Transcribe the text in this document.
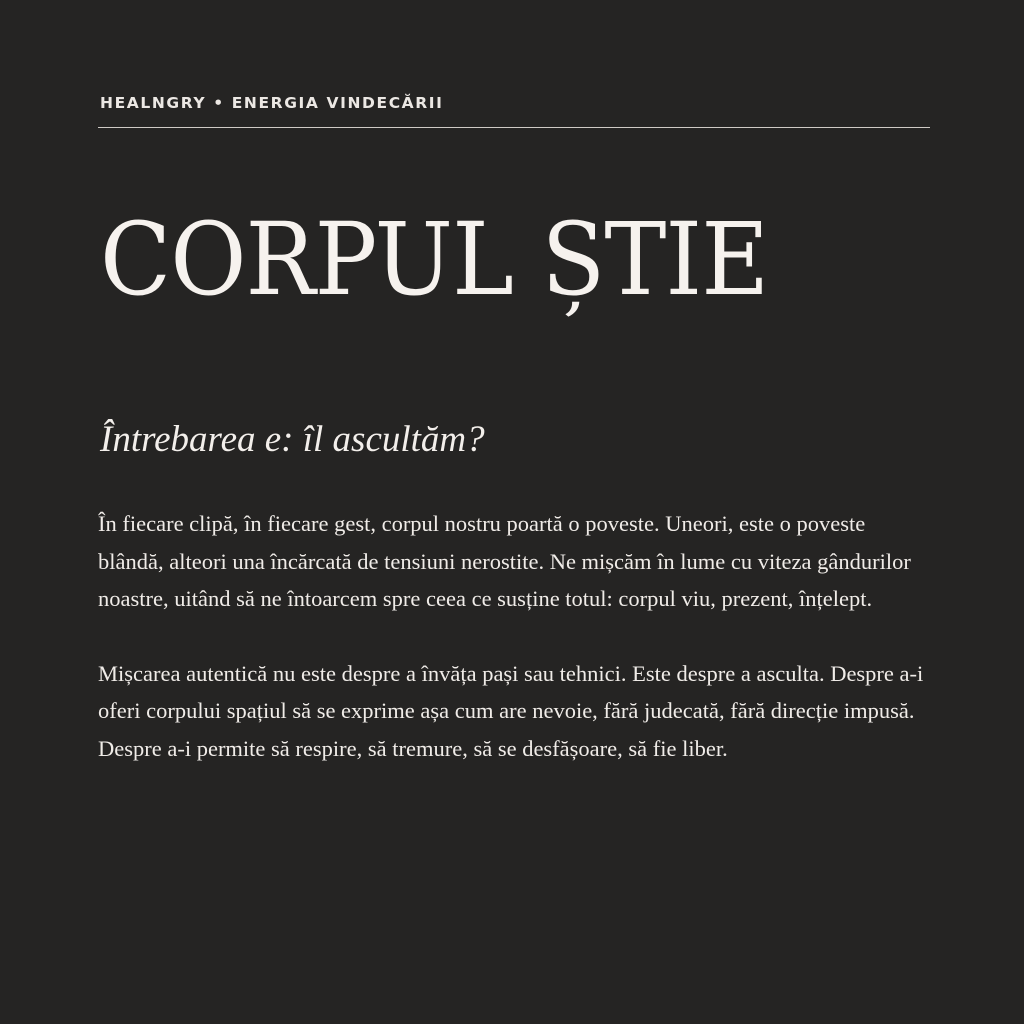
HEALNGRY • ENERGIA VINDECĂRII
CORPUL ȘTIE
Întrebarea e: îl ascultăm?

În fiecare clipă, în fiecare gest, corpul nostru poartă o poveste. Uneori, este o poveste blândă, alteori una încărcată de tensiuni nerostite. Ne mișcăm în lume cu viteza gândurilor noastre, uitând să ne întoarcem spre ceea ce susține totul: corpul viu, prezent, înțelept.

Mișcarea autentică nu este despre a învăța pași sau tehnici. Este despre a asculta. Despre a-i oferi corpului spațiul să se exprime așa cum are nevoie, fără judecată, fără direcție impusă. Despre a-i permite să respire, să tremure, să se desfășoare, să fie liber.
